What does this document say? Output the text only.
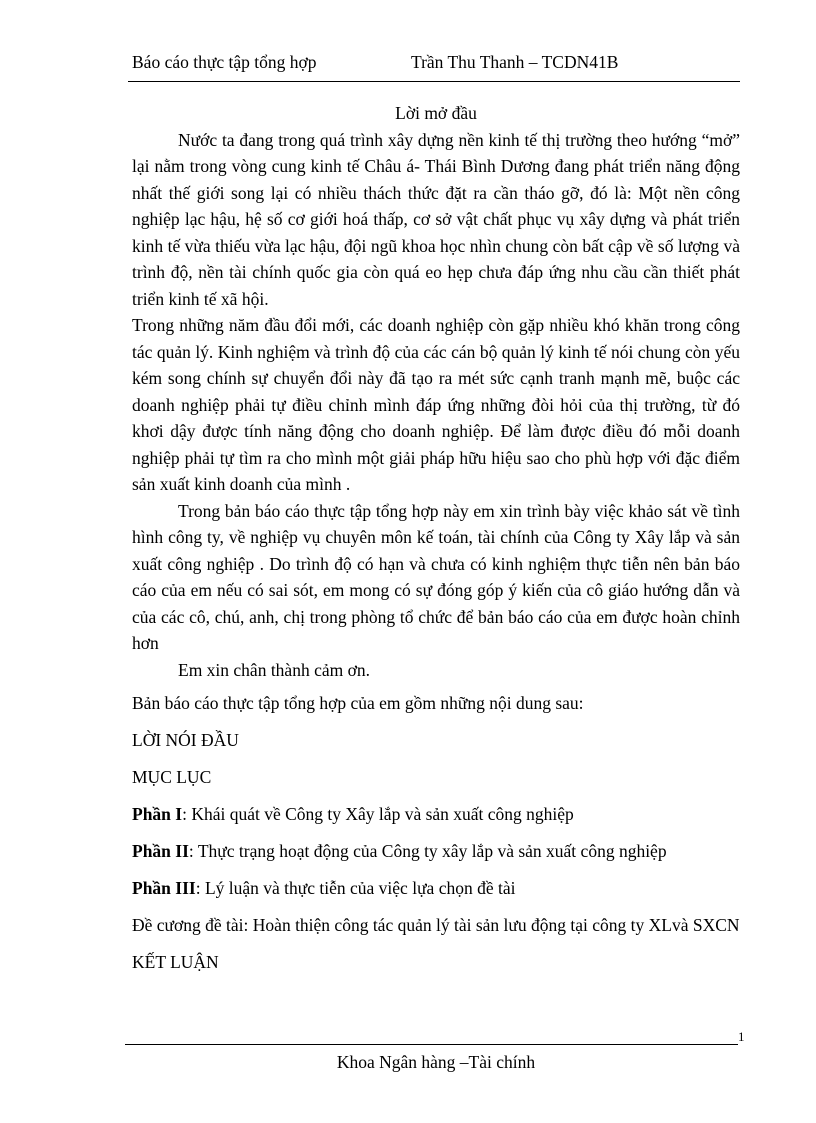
Báo cáo thực tập tổng hợp	Trần Thu Thanh – TCDN41B

Lời mở đầu

Nước ta đang trong quá trình xây dựng nền kinh tế thị trường theo hướng “mở” lại nằm trong vòng cung kinh tế Châu á- Thái Bình Dương đang phát triển năng động nhất thế giới song lại có nhiều thách thức đặt ra cần tháo gỡ, đó là: Một nền công nghiệp lạc hậu, hệ số cơ giới hoá thấp, cơ sở vật chất phục vụ xây dựng và phát triển kinh tế vừa thiếu vừa lạc hậu, đội ngũ khoa học nhìn chung còn bất cập về số lượng và trình độ, nền tài chính quốc gia còn quá eo hẹp chưa đáp ứng nhu cầu cần thiết phát triển kinh tế xã hội.

Trong những năm đầu đổi mới, các doanh nghiệp còn gặp nhiều khó khăn trong công tác quản lý. Kinh nghiệm và trình độ của các cán bộ quản lý kinh tế nói chung còn yếu kém song chính sự chuyển đổi này đã tạo ra mét sức cạnh tranh mạnh mẽ, buộc các doanh nghiệp phải tự điều chỉnh mình đáp ứng những đòi hỏi của thị trường, từ đó khơi dậy được tính năng động cho doanh nghiệp. Để làm được điều đó mỗi doanh nghiệp phải tự tìm ra cho mình một giải pháp hữu hiệu sao cho phù hợp với đặc điểm sản xuất kinh doanh của mình .

Trong bản báo cáo thực tập tổng hợp này em xin trình bày việc khảo sát về tình hình công ty, về nghiệp vụ chuyên môn kế toán, tài chính của Công ty Xây lắp và sản xuất công nghiệp . Do trình độ có hạn và chưa có kinh nghiệm thực tiễn nên bản báo cáo của em nếu có sai sót, em mong có sự đóng góp ý kiến của cô giáo hướng dẫn và của các cô, chú, anh, chị trong phòng tổ chức để bản báo cáo của em được hoàn chỉnh hơn

Em xin chân thành cảm ơn.

Bản báo cáo thực tập tổng hợp của em gồm những nội dung sau:

LỜI NÓI ĐẦU

MỤC LỤC

Phần I: Khái quát về Công ty Xây lắp và sản xuất công nghiệp

Phần II: Thực trạng hoạt động của Công ty xây lắp và sản xuất công nghiệp

Phần III: Lý luận và thực tiễn của việc lựa chọn đề tài

Đề cương đề tài: Hoàn thiện công tác quản lý tài sản lưu động tại công ty XLvà SXCN

KẾT LUẬN

1
Khoa Ngân hàng –Tài chính
